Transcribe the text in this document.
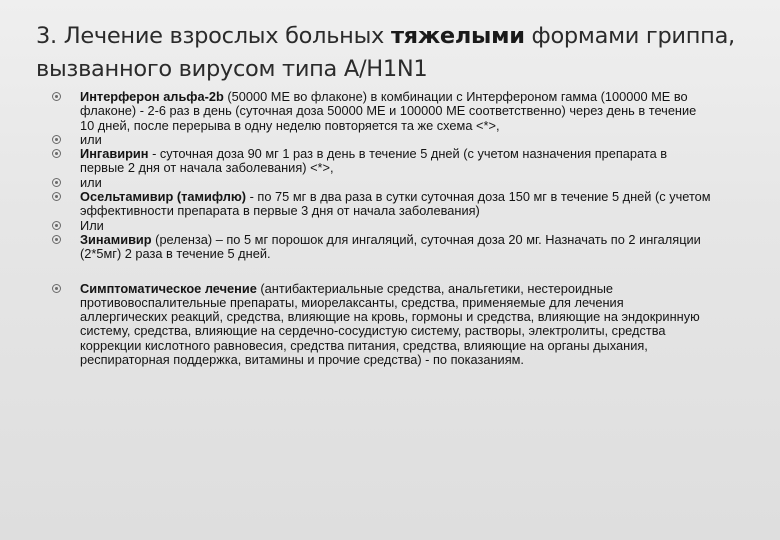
3. Лечение взрослых больных тяжелыми формами гриппа, вызванного вирусом типа A/H1N1
Интерферон альфа-2b (50000 МЕ во флаконе) в комбинации с Интерфероном гамма (100000 МЕ во флаконе) - 2-6 раз в день (суточная доза 50000 МЕ и 100000 МЕ соответственно) через день в течение 10 дней, после перерыва в одну неделю повторяется та же схема <*>,
или
Ингавирин - суточная доза 90 мг 1 раз в день в течение 5 дней (с учетом назначения препарата в первые 2 дня от начала заболевания) <*>,
или
Осельтамивир (тамифлю) - по 75 мг в два раза в сутки суточная доза 150 мг в течение 5 дней (с учетом эффективности препарата в первые 3 дня от начала заболевания)
Или
Зинамивир (реленза) – по 5 мг порошок для ингаляций, суточная доза 20 мг. Назначать по 2 ингаляции (2*5мг) 2 раза в течение 5 дней.
Симптоматическое лечение (антибактериальные средства, анальгетики, нестероидные противовоспалительные препараты, миорелаксанты, средства, применяемые для лечения аллергических реакций, средства, влияющие на кровь, гормоны и средства, влияющие на эндокринную систему, средства, влияющие на сердечно-сосудистую систему, растворы, электролиты, средства коррекции кислотного равновесия, средства питания, средства, влияющие на органы дыхания, респираторная поддержка, витамины и прочие средства) - по показаниям.
